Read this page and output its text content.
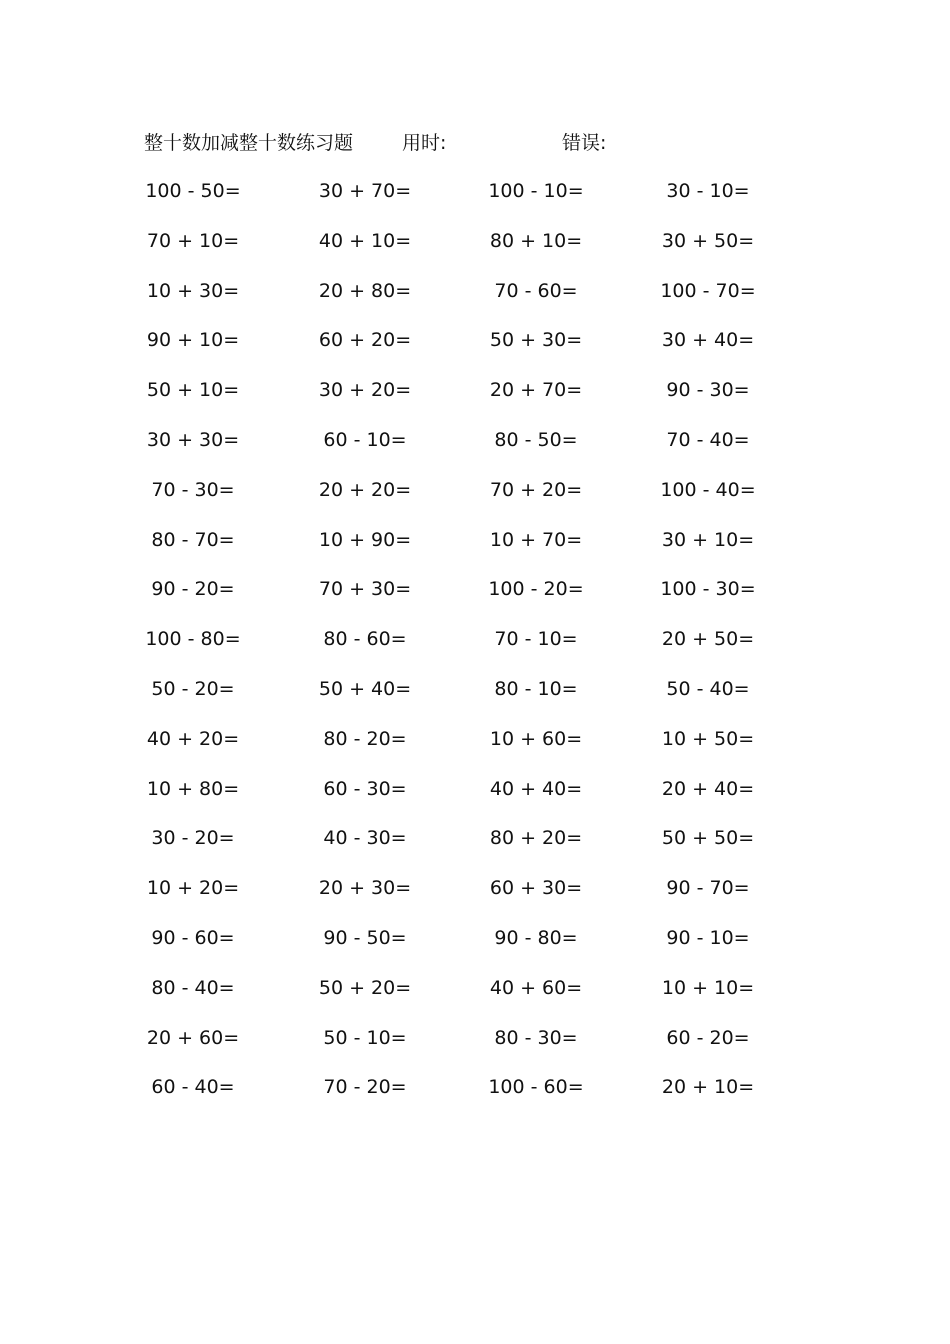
整十数加减整十数练习题	用时:	错误:
100 - 50=	30 + 70=	100 - 10=	30 - 10=
70 + 10=	40 + 10=	80 + 10=	30 + 50=
10 + 30=	20 + 80=	70 - 60=	100 - 70=
90 + 10=	60 + 20=	50 + 30=	30 + 40=
50 + 10=	30 + 20=	20 + 70=	90 - 30=
30 + 30=	60 - 10=	80 - 50=	70 - 40=
70 - 30=	20 + 20=	70 + 20=	100 - 40=
80 - 70=	10 + 90=	10 + 70=	30 + 10=
90 - 20=	70 + 30=	100 - 20=	100 - 30=
100 - 80=	80 - 60=	70 - 10=	20 + 50=
50 - 20=	50 + 40=	80 - 10=	50 - 40=
40 + 20=	80 - 20=	10 + 60=	10 + 50=
10 + 80=	60 - 30=	40 + 40=	20 + 40=
30 - 20=	40 - 30=	80 + 20=	50 + 50=
10 + 20=	20 + 30=	60 + 30=	90 - 70=
90 - 60=	90 - 50=	90 - 80=	90 - 10=
80 - 40=	50 + 20=	40 + 60=	10 + 10=
20 + 60=	50 - 10=	80 - 30=	60 - 20=
60 - 40=	70 - 20=	100 - 60=	20 + 10=
